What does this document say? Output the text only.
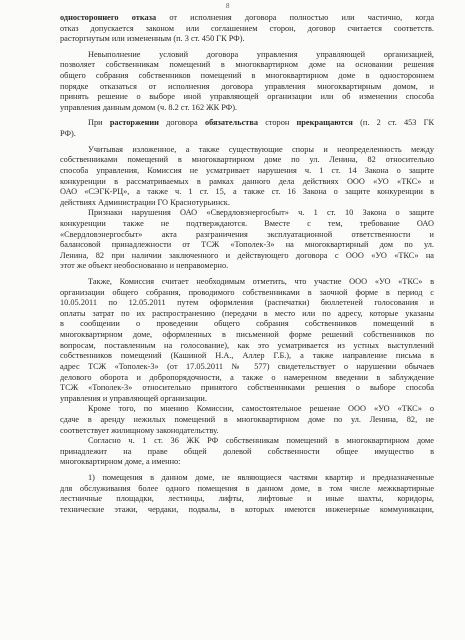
8
одностороннего отказа от исполнения договора полностью или частично, когда
отказ допускается законом или соглашением сторон, договор считается соответств.
расторгнутым или измененным (п. 3 ст. 450 ГК РФ).
Невыполнение условий договора управления управляющей организацией,
позволяет собственникам помещений в многоквартирном доме на основании решения
общего собрания собственников помещений в многоквартирном доме в одностороннем
порядке отказаться от исполнения договора управления многоквартирным домом, и
принять решение о выборе иной управляющей организации или об изменении способа
управления данным домом (ч. 8.2 ст. 162 ЖК РФ).
При расторжении договора обязательства сторон прекращаются (п. 2 ст. 453 ГК
РФ).
Учитывая изложенное, а также существующие споры и неопределенность между
собственниками помещений в многоквартирном доме по ул. Ленина, 82 относительно
способа управления, Комиссия не усматривает нарушения ч. 1 ст. 14 Закона о защите
конкуренции в рассматриваемых в рамках данного дела действиях ООО «УО «ТКС» и
ОАО «СЭГК-РЦ», а также ч. 1 ст. 15, а также ст. 16 Закона о защите конкуренции в
действиях Администрации ГО Краснотурьинск.
Признаки нарушения ОАО «Свердловэнергосбыт» ч. 1 ст. 10 Закона о защите
конкуренции также не подтверждаются. Вместе с тем, требование ОАО
«Свердловэнергосбыт» акта разграничения эксплуатационной ответственности и
балансовой принадлежности от ТСЖ «Тополек-3» на многоквартирный дом по ул.
Ленина, 82 при наличии заключенного и действующего договора с ООО «УО «ТКС» на
этот же объект необоснованно и неправомерно.
Также, Комиссия считает необходимым отметить, что участие ООО «УО «ТКС» в
организации общего собрания, проводимого собственниками в заочной форме в период с
10.05.2011 по 12.05.2011 путем оформления (распечатки) бюллетеней голосования и
оплаты затрат по их распространению (передачи в место или по адресу, которые указаны
в сообщении о проведении общего собрания собственников помещений в
многоквартирном доме, оформленных в письменной форме решений собственников по
вопросам, поставленным на голосование), как это усматривается из устных выступлений
собственников помещений (Кашиной Н.А., Аллер Г.Б.), а также направление письма в
адрес ТСЖ «Тополек-3» (от 17.05.2011 № 577) свидетельствует о нарушении обычаев
делового оборота и добропорядочности, а также о намеренном введении в заблуждение
ТСЖ «Тополек-3» относительно принятого собственниками решения о выборе способа
управления и управляющей организации.
Кроме того, по мнению Комиссии, самостоятельное решение ООО «УО «ТКС» о
сдаче в аренду нежилых помещений в многоквартирном доме по ул. Ленина, 82, не
соответствует жилищному законодательству.
Согласно ч. 1 ст. 36 ЖК РФ собственникам помещений в многоквартирном доме
принадлежит на праве общей долевой собственности общее имущество в
многоквартирном доме, а именно:
1) помещения в данном доме, не являющиеся частями квартир и предназначенные
для обслуживания более одного помещения в данном доме, в том числе межквартирные
лестничные площадки, лестницы, лифты, лифтовые и иные шахты, коридоры,
технические этажи, чердаки, подвалы, в которых имеются инженерные коммуникации,
